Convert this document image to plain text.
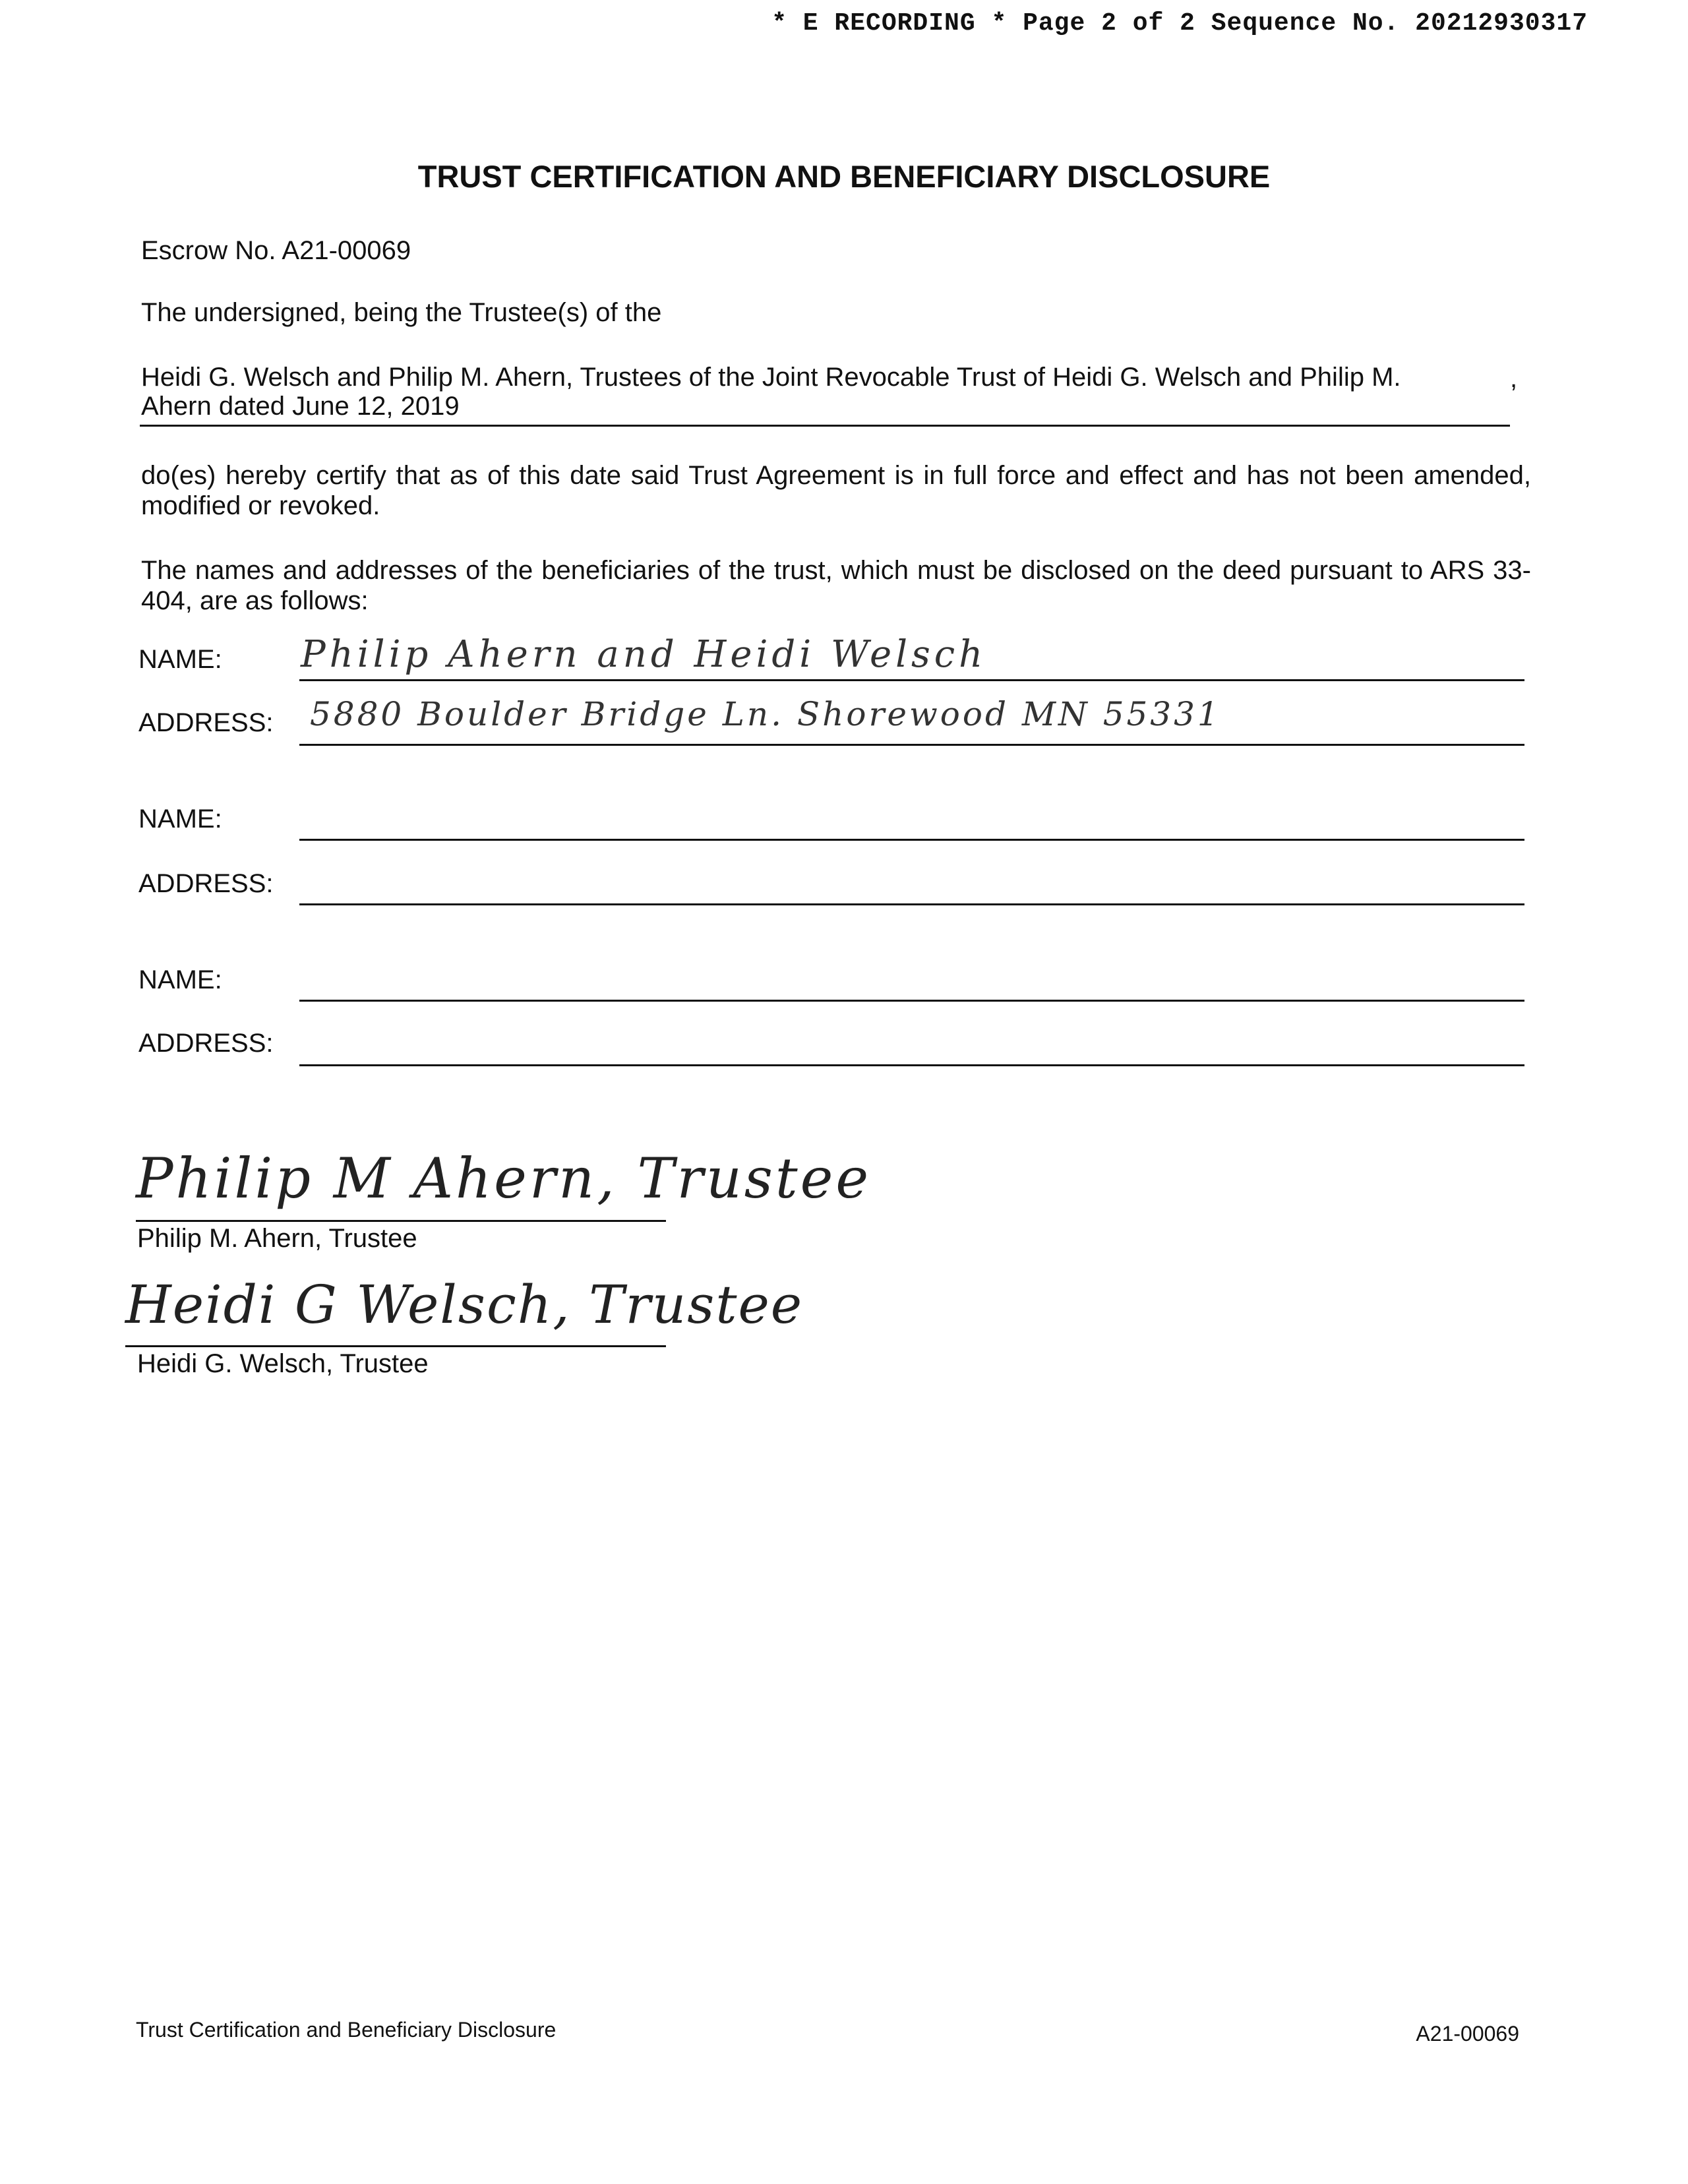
* E RECORDING * Page 2 of 2 Sequence No. 20212930317
TRUST CERTIFICATION AND BENEFICIARY DISCLOSURE
Escrow No. A21-00069
The undersigned, being the Trustee(s) of the
Heidi G. Welsch and Philip M. Ahern, Trustees of the Joint Revocable Trust of Heidi G. Welsch and Philip M.	,
Ahern dated June 12, 2019
do(es) hereby certify that as of this date said Trust Agreement is in full force and effect and has not been amended, modified or revoked.
The names and addresses of the beneficiaries of the trust, which must be disclosed on the deed pursuant to ARS 33-404, are as follows:
NAME: Philip Ahern and Heidi Welsch
ADDRESS: 5880 Boulder Bridge Ln. Shorewood MN 55331
NAME:
ADDRESS:
NAME:
ADDRESS:
Philip M Ahern, Trustee
Philip M. Ahern, Trustee
Heidi G Welsch, Trustee
Heidi G. Welsch, Trustee
Trust Certification and Beneficiary Disclosure	A21-00069
